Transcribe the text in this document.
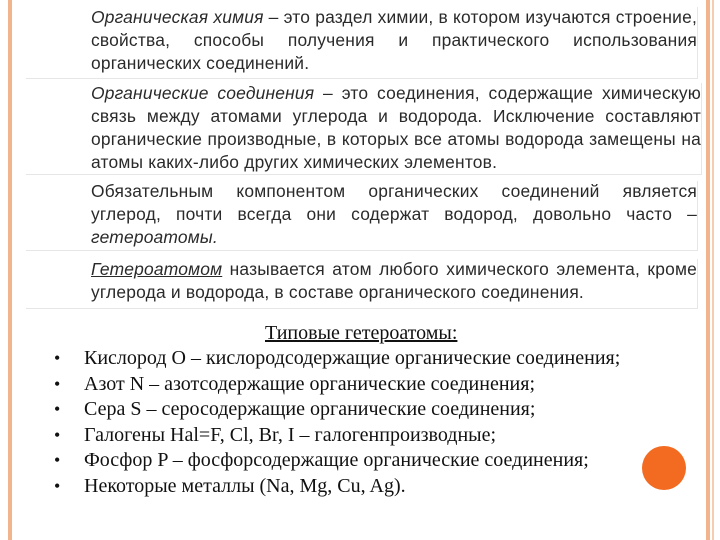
Органическая химия – это раздел химии, в котором изучаются строение, свойства, способы получения и практического использования органических соединений.

Органические соединения – это соединения, содержащие химическую связь между атомами углерода и водорода. Исключение составляют органические производные, в которых все атомы водорода замещены на атомы каких-либо других химических элементов.

Обязательным компонентом органических соединений является углерод, почти всегда они содержат водород, довольно часто – гетероатомы.

Гетероатомом называется атом любого химического элемента, кроме углерода и водорода, в составе органического соединения.

Типовые гетероатомы:
• Кислород О – кислородсодержащие органические соединения;
• Азот N – азотсодержащие органические соединения;
• Сера S – серосодержащие органические соединения;
• Галогены Hal=F, Cl, Br, I – галогенпроизводные;
• Фосфор P – фосфорсодержащие органические соединения;
• Некоторые металлы (Na, Mg, Cu, Ag).
